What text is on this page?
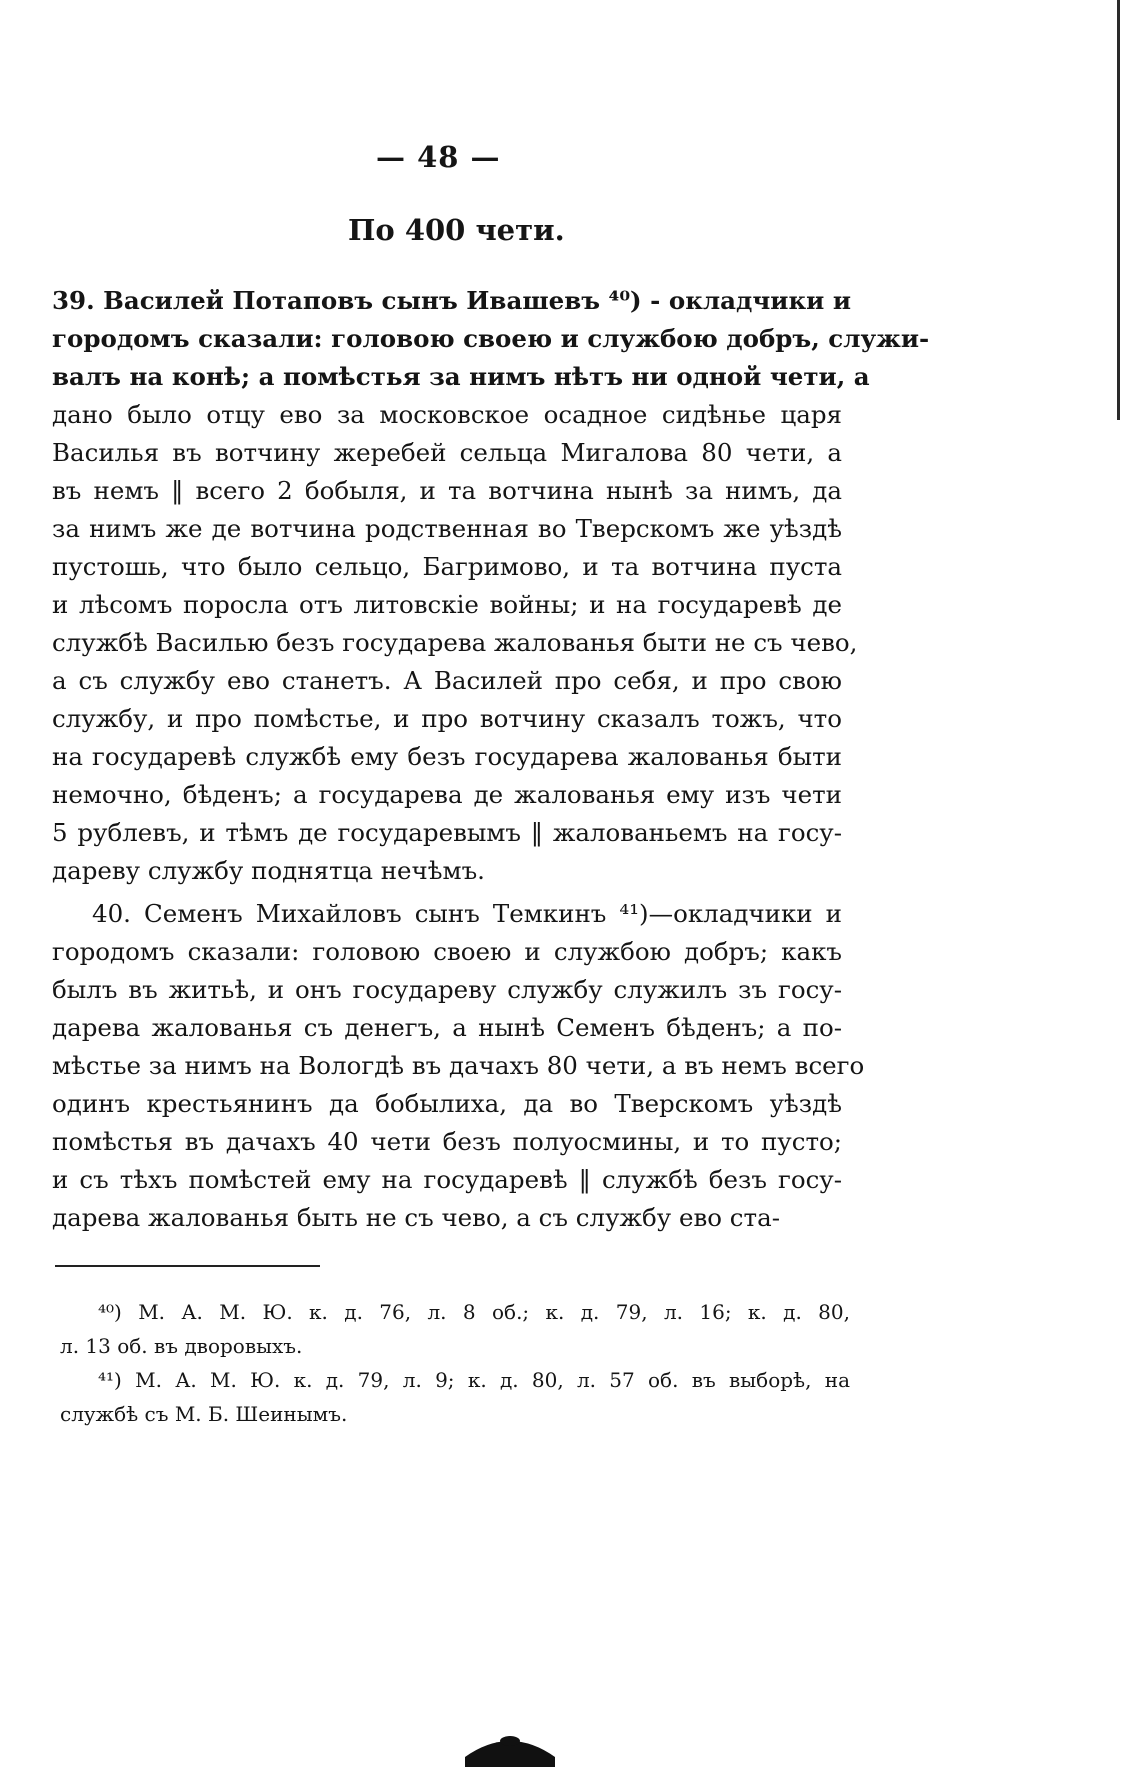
— 48 —
По 400 чети.
39. Василей Потаповъ сынъ Ивашевъ ⁴⁰) - окладчики и
городомъ сказали: головою своею и службою добръ, служи-
валъ на конѣ; а помѣстья за нимъ нѣтъ ни одной чети, а
дано было отцу ево за московское осадное сидѣнье царя
Василья въ вотчину жеребей сельца Мигалова 80 чети, а
въ немъ ‖ всего 2 бобыля, и та вотчина нынѣ за нимъ, да
за нимъ же де вотчина родственная во Тверскомъ же уѣздѣ
пустошь, что было сельцо, Багримово, и та вотчина пуста
и лѣсомъ поросла отъ литовскіе войны; и на государевѣ де
службѣ Василью безъ государева жалованья быти не съ чево,
а съ службу ево станетъ. А Василей про себя, и про свою
службу, и про помѣстье, и про вотчину сказалъ тожъ, что
на государевѣ службѣ ему безъ государева жалованья быти
немочно, бѣденъ; а государева де жалованья ему изъ чети
5 рублевъ, и тѣмъ де государевымъ ‖ жалованьемъ на госу-
дареву службу поднятца нечѣмъ.
40. Семенъ Михайловъ сынъ Темкинъ ⁴¹)—окладчики и
городомъ сказали: головою своею и службою добръ; какъ
былъ въ житьѣ, и онъ государеву службу служилъ зъ госу-
дарева жалованья съ денегъ, а нынѣ Семенъ бѣденъ; а по-
мѣстье за нимъ на Вологдѣ въ дачахъ 80 чети, а въ немъ всего
одинъ крестьянинъ да бобылиха, да во Тверскомъ уѣздѣ
помѣстья въ дачахъ 40 чети безъ полуосмины, и то пусто;
и съ тѣхъ помѣстей ему на государевѣ ‖ службѣ безъ госу-
дарева жалованья быть не съ чево, а съ службу ево ста-
⁴⁰) М. А. М. Ю. к. д. 76, л. 8 об.; к. д. 79, л. 16; к. д. 80,
л. 13 об. въ дворовыхъ.
⁴¹) М. А. М. Ю. к. д. 79, л. 9; к. д. 80, л. 57 об. въ выборѣ, на
службѣ съ М. Б. Шеинымъ.
